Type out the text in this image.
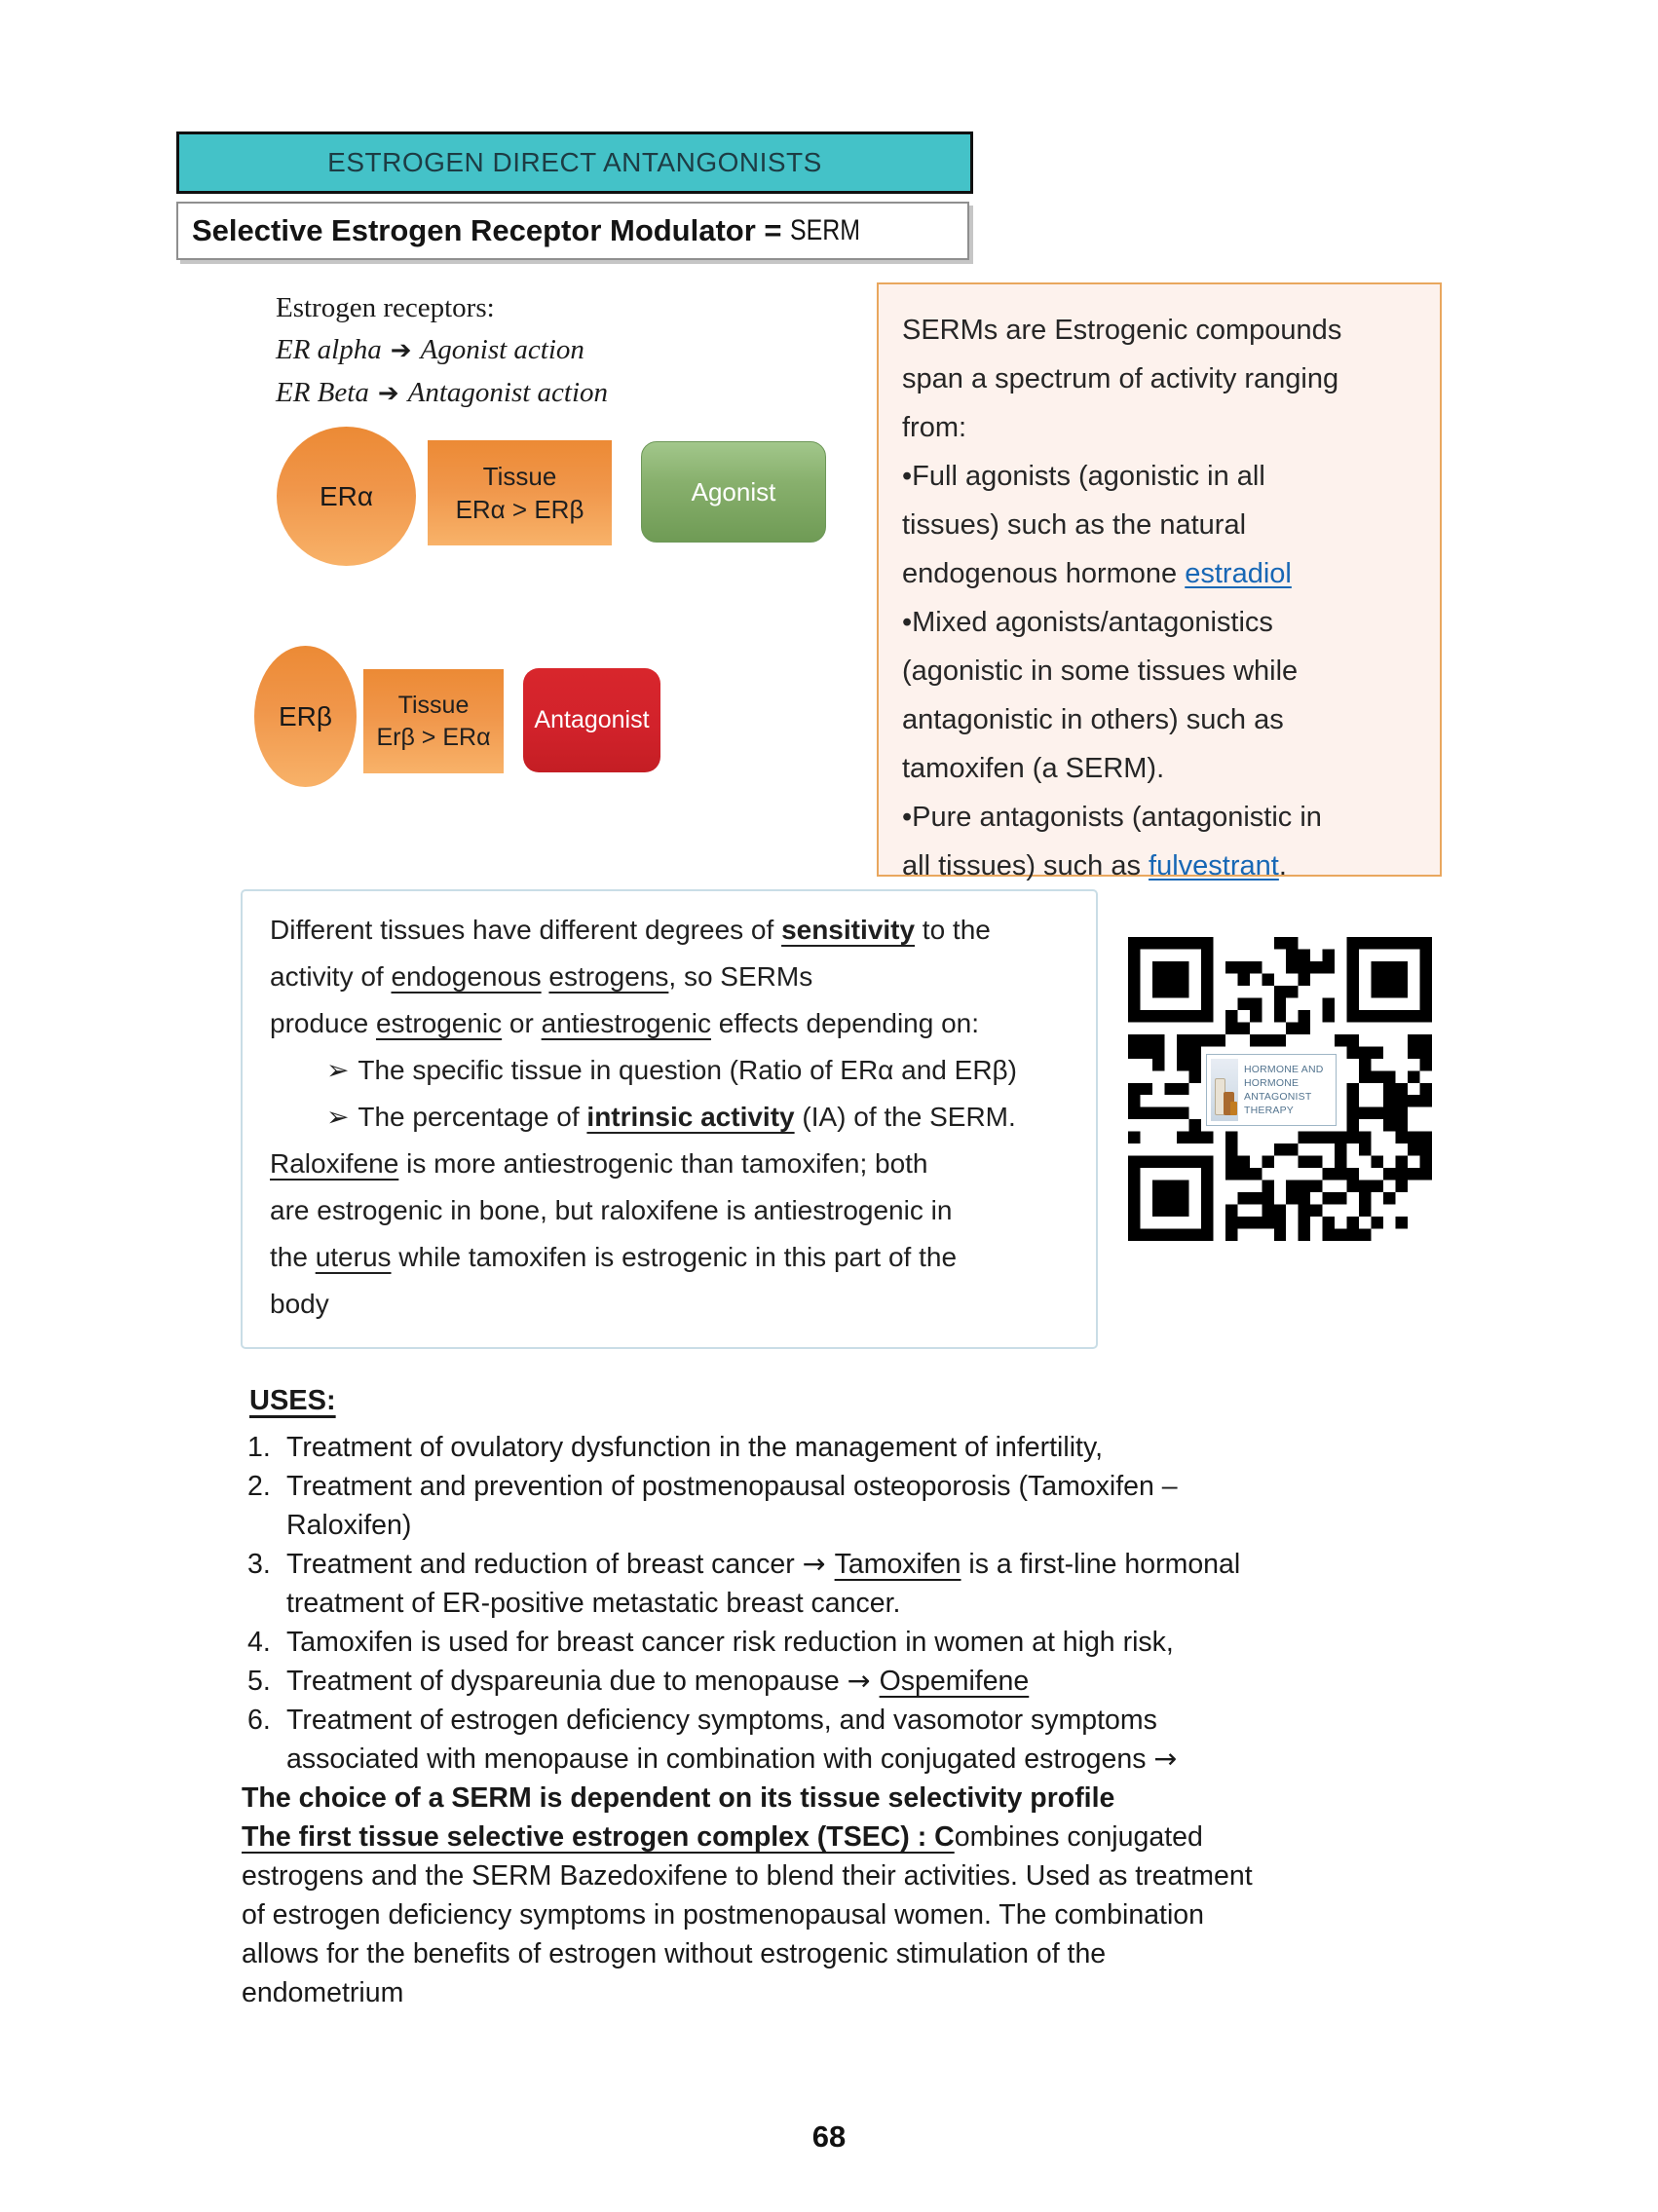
ESTROGEN DIRECT ANTANGONISTS
Selective Estrogen Receptor Modulator = SERM
Estrogen receptors:
ER alpha ➔ Agonist action
ER Beta ➔ Antagonist action
ERα
Tissue
ERα > ERβ
Agonist
ERβ	Tissue
Erβ > ERα
Antagonist
SERMs are Estrogenic compounds
span a spectrum of activity ranging
from:
•Full agonists (agonistic in all
tissues) such as the natural
endogenous hormone estradiol
•Mixed agonists/antagonistics
(agonistic in some tissues while
antagonistic in others) such as
tamoxifen (a SERM).
•Pure antagonists (antagonistic in
all tissues) such as fulvestrant.
Different tissues have different degrees of sensitivity to the
activity of endogenous estrogens, so SERMs
produce estrogenic or antiestrogenic effects depending on:
➢ The specific tissue in question (Ratio of ERα and ERβ)
➢ The percentage of intrinsic activity (IA) of the SERM.
Raloxifene is more antiestrogenic than tamoxifen; both
are estrogenic in bone, but raloxifene is antiestrogenic in
the uterus while tamoxifen is estrogenic in this part of the
body
HORMONE AND HORMONE
ANTAGONIST THERAPY
USES:
1. Treatment of ovulatory dysfunction in the management of infertility,
2. Treatment and prevention of postmenopausal osteoporosis (Tamoxifen –
Raloxifen)
3. Treatment and reduction of breast cancer → Tamoxifen is a first-line hormonal
treatment of ER-positive metastatic breast cancer.
4. Tamoxifen is used for breast cancer risk reduction in women at high risk,
5. Treatment of dyspareunia due to menopause → Ospemifene
6. Treatment of estrogen deficiency symptoms, and vasomotor symptoms
associated with menopause in combination with conjugated estrogens →
The choice of a SERM is dependent on its tissue selectivity profile
The first tissue selective estrogen complex (TSEC) : Combines conjugated
estrogens and the SERM Bazedoxifene to blend their activities. Used as treatment
of estrogen deficiency symptoms in postmenopausal women. The combination
allows for the benefits of estrogen without estrogenic stimulation of the
endometrium
68
